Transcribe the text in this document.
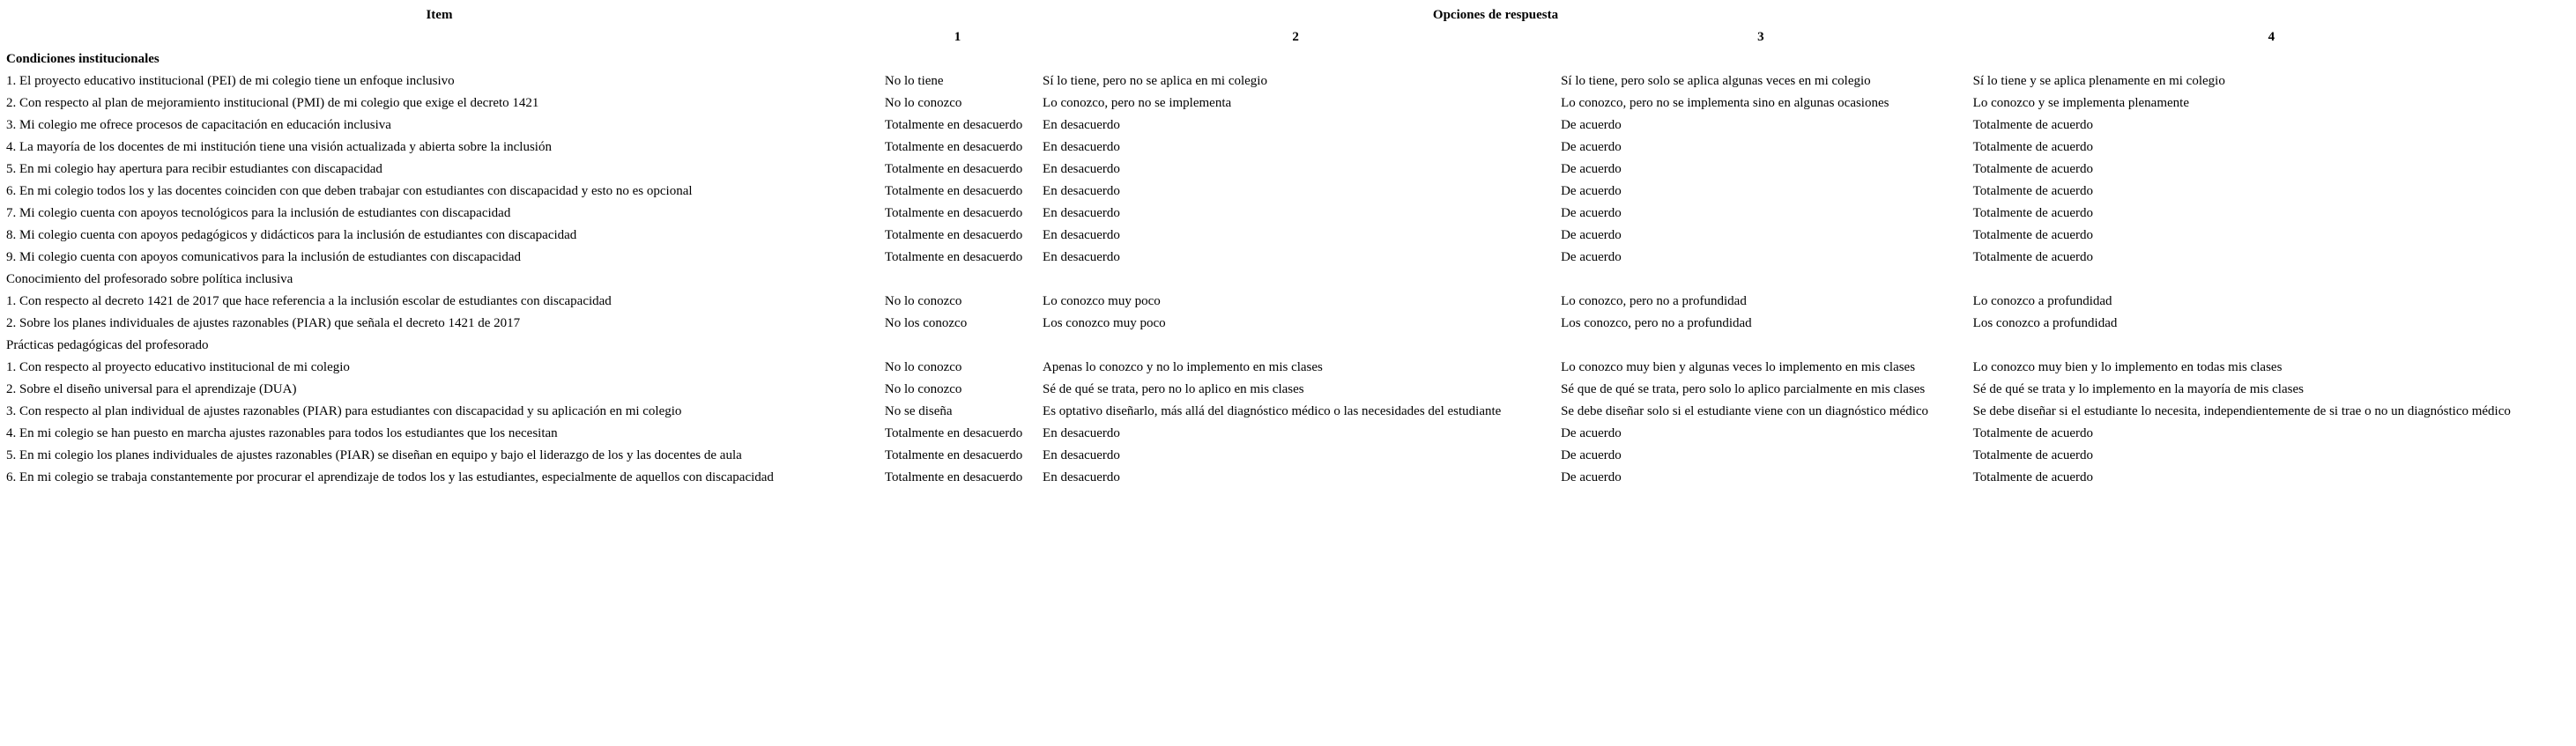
Item	Opciones de respuesta			
	1	2	3	4
Condiciones institucionales				
1. El proyecto educativo institucional (PEI) de mi colegio tiene un enfoque inclusivo	No lo tiene	Sí lo tiene, pero no se aplica en mi colegio	Sí lo tiene, pero solo se aplica algunas veces en mi colegio	Sí lo tiene y se aplica plenamente en mi colegio
2. Con respecto al plan de mejoramiento institucional (PMI) de mi colegio que exige el decreto 1421	No lo conozco	Lo conozco, pero no se implementa	Lo conozco, pero no se implementa sino en algunas ocasiones	Lo conozco y se implementa plenamente
3. Mi colegio me ofrece procesos de capacitación en educación inclusiva	Totalmente en desacuerdo	En desacuerdo	De acuerdo	Totalmente de acuerdo
4. La mayoría de los docentes de mi institución tiene una visión actualizada y abierta sobre la inclusión	Totalmente en desacuerdo	En desacuerdo	De acuerdo	Totalmente de acuerdo
5. En mi colegio hay apertura para recibir estudiantes con discapacidad	Totalmente en desacuerdo	En desacuerdo	De acuerdo	Totalmente de acuerdo
6. En mi colegio todos los y las docentes coinciden con que deben trabajar con estudiantes con discapacidad y esto no es opcional	Totalmente en desacuerdo	En desacuerdo	De acuerdo	Totalmente de acuerdo
7. Mi colegio cuenta con apoyos tecnológicos para la inclusión de estudiantes con discapacidad	Totalmente en desacuerdo	En desacuerdo	De acuerdo	Totalmente de acuerdo
8. Mi colegio cuenta con apoyos pedagógicos y didácticos para la inclusión de estudiantes con discapacidad	Totalmente en desacuerdo	En desacuerdo	De acuerdo	Totalmente de acuerdo
9. Mi colegio cuenta con apoyos comunicativos para la inclusión de estudiantes con discapacidad	Totalmente en desacuerdo	En desacuerdo	De acuerdo	Totalmente de acuerdo
Conocimiento del profesorado sobre política inclusiva				
1. Con respecto al decreto 1421 de 2017 que hace referencia a la inclusión escolar de estudiantes con discapacidad	No lo conozco	Lo conozco muy poco	Lo conozco, pero no a profundidad	Lo conozco a profundidad
2. Sobre los planes individuales de ajustes razonables (PIAR) que señala el decreto 1421 de 2017	No los conozco	Los conozco muy poco	Los conozco, pero no a profundidad	Los conozco a profundidad
Prácticas pedagógicas del profesorado				
1. Con respecto al proyecto educativo institucional de mi colegio	No lo conozco	Apenas lo conozco y no lo implemento en mis clases	Lo conozco muy bien y algunas veces lo implemento en mis clases	Lo conozco muy bien y lo implemento en todas mis clases
2. Sobre el diseño universal para el aprendizaje (DUA)	No lo conozco	Sé de qué se trata, pero no lo aplico en mis clases	Sé que de qué se trata, pero solo lo aplico parcialmente en mis clases	Sé de qué se trata y lo implemento en la mayoría de mis clases
3. Con respecto al plan individual de ajustes razonables (PIAR) para estudiantes con discapacidad y su aplicación en mi colegio	No se diseña	Es optativo diseñarlo, más allá del diagnóstico médico o las necesidades del estudiante	Se debe diseñar solo si el estudiante viene con un diagnóstico médico	Se debe diseñar si el estudiante lo necesita, independientemente de si trae o no un diagnóstico médico
4. En mi colegio se han puesto en marcha ajustes razonables para todos los estudiantes que los necesitan	Totalmente en desacuerdo	En desacuerdo	De acuerdo	Totalmente de acuerdo
5. En mi colegio los planes individuales de ajustes razonables (PIAR) se diseñan en equipo y bajo el liderazgo de los y las docentes de aula	Totalmente en desacuerdo	En desacuerdo	De acuerdo	Totalmente de acuerdo
6. En mi colegio se trabaja constantemente por procurar el aprendizaje de todos los y las estudiantes, especialmente de aquellos con discapacidad	Totalmente en desacuerdo	En desacuerdo	De acuerdo	Totalmente de acuerdo
